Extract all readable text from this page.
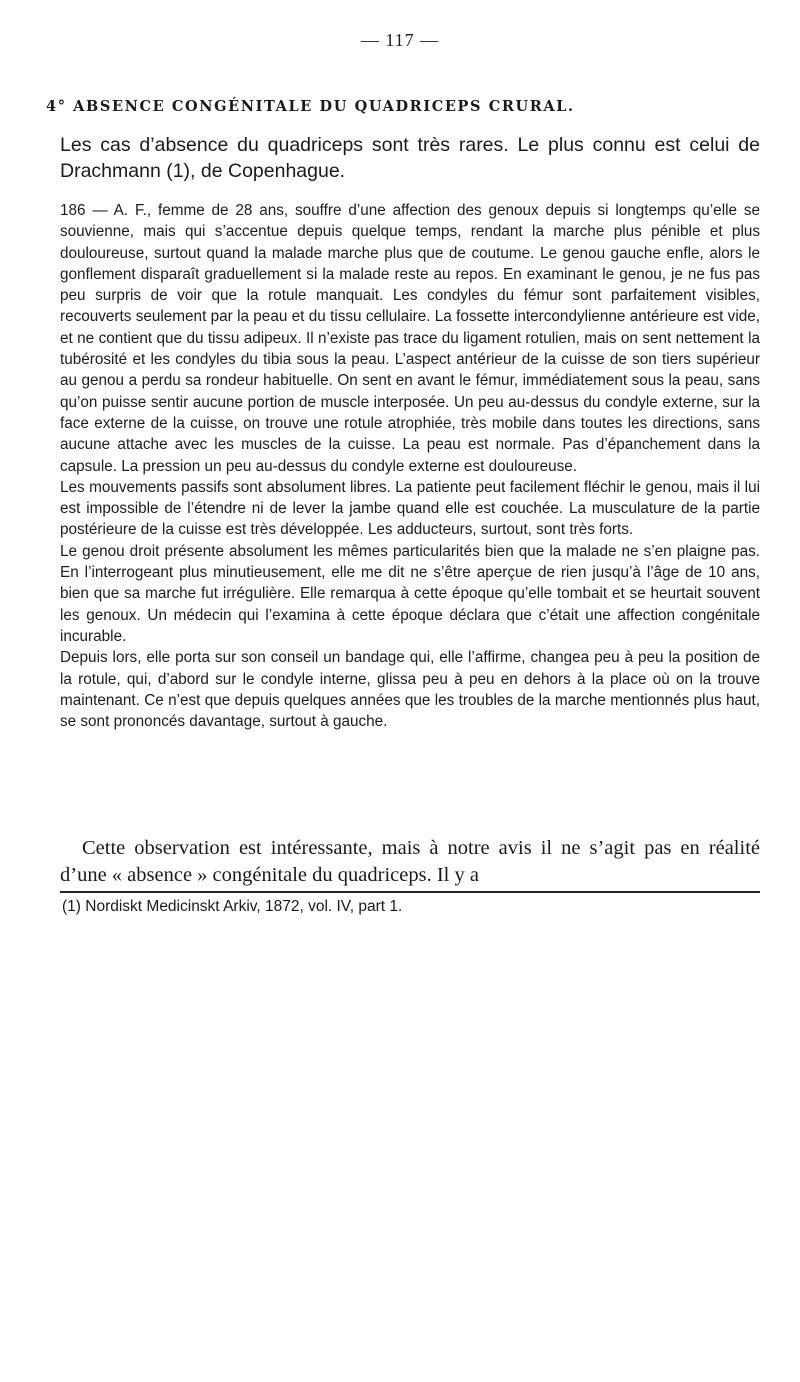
— 117 —
4° ABSENCE CONGÉNITALE DU QUADRICEPS CRURAL.

Les cas d’absence du quadriceps sont très rares. Le plus connu est celui de Drachmann (1), de Copenhague.

186 — A. F., femme de 28 ans, souffre d’une affection des genoux depuis si longtemps qu’elle se souvienne, mais qui s’accentue depuis quelque temps, rendant la marche plus pénible et plus douloureuse, surtout quand la malade marche plus que de coutume. Le genou gauche enfle, alors le gonflement disparaît graduellement si la malade reste au repos. En examinant le genou, je ne fus pas peu surpris de voir que la rotule manquait. Les condyles du fémur sont parfaitement visibles, recouverts seulement par la peau et du tissu cellulaire. La fossette intercondylienne antérieure est vide, et ne contient que du tissu adipeux. Il n’existe pas trace du ligament rotulien, mais on sent nettement la tubérosité et les condyles du tibia sous la peau. L’aspect antérieur de la cuisse de son tiers supérieur au genou a perdu sa rondeur habituelle. On sent en avant le fémur, immédiatement sous la peau, sans qu’on puisse sentir aucune portion de muscle interposée. Un peu au-dessus du condyle externe, sur la face externe de la cuisse, on trouve une rotule atrophiée, très mobile dans toutes les directions, sans aucune attache avec les muscles de la cuisse. La peau est normale. Pas d’épanchement dans la capsule. La pression un peu au-dessus du condyle externe est douloureuse.

Les mouvements passifs sont absolument libres. La patiente peut facilement fléchir le genou, mais il lui est impossible de l’étendre ni de lever la jambe quand elle est couchée. La musculature de la partie postérieure de la cuisse est très développée. Les adducteurs, surtout, sont très forts.

Le genou droit présente absolument les mêmes particularités bien que la malade ne s’en plaigne pas. En l’interrogeant plus minutieusement, elle me dit ne s’être aperçue de rien jusqu’à l’âge de 10 ans, bien que sa marche fut irrégulière. Elle remarqua à cette époque qu’elle tombait et se heurtait souvent les genoux. Un médecin qui l’examina à cette époque déclara que c’était une affection congénitale incurable.

Depuis lors, elle porta sur son conseil un bandage qui, elle l’affirme, changea peu à peu la position de la rotule, qui, d’abord sur le condyle interne, glissa peu à peu en dehors à la place où on la trouve maintenant. Ce n’est que depuis quelques années que les troubles de la marche mentionnés plus haut, se sont prononcés davantage, surtout à gauche.

Cette observation est intéressante, mais à notre avis il ne s’agit pas en réalité d’une « absence » congénitale du quadriceps. Il y a

(1) Nordiskt Medicinskt Arkiv, 1872, vol. IV, part 1.
